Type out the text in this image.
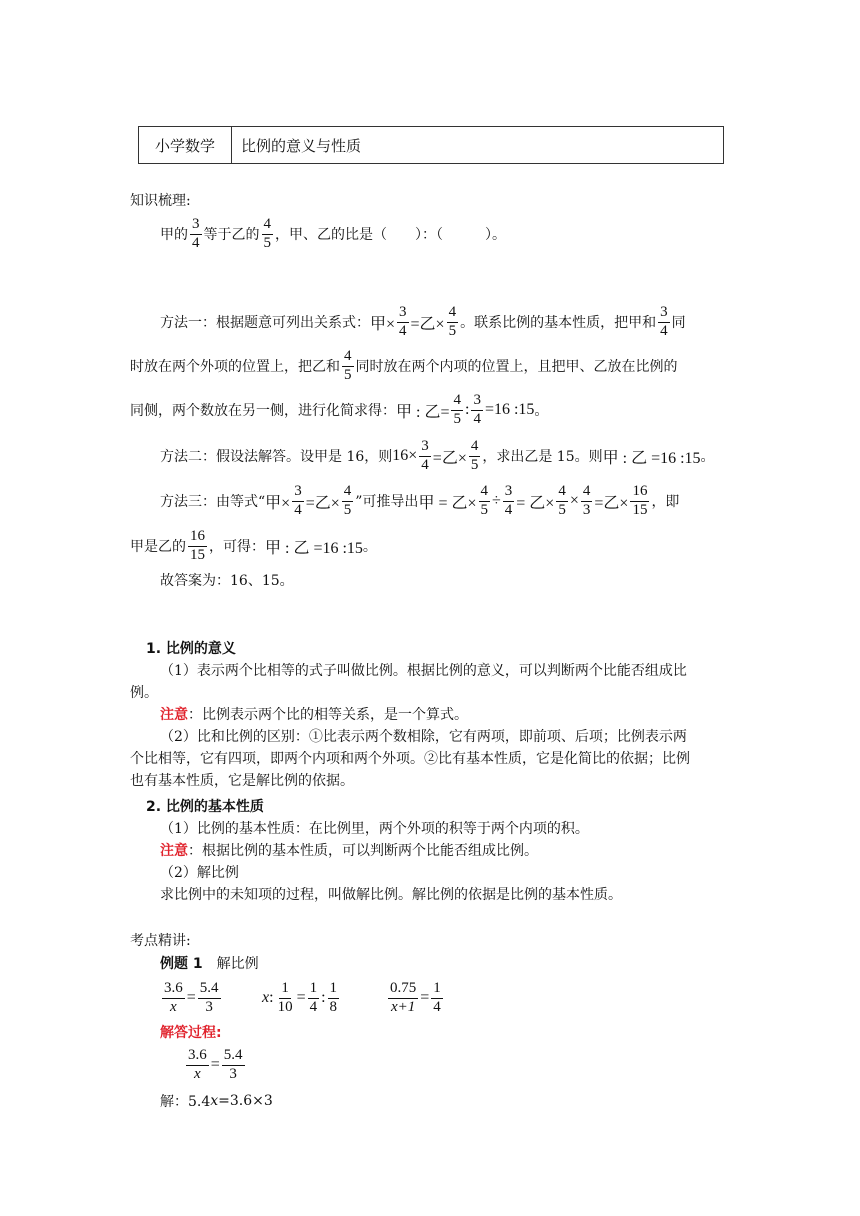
小学数学	比例的意义与性质
知识梳理:
甲的 $\frac{3}{4}$ 等于乙的 $\frac{4}{5}$ ，甲、乙的比是（　　）：（　　　）。
方法一：根据题意可列出关系式： 甲× $\frac{3}{4}$ =乙× $\frac{4}{5}$ 。联系比例的基本性质，把甲和 $\frac{3}{4}$ 同
时放在两个外项的位置上，把乙和 $\frac{4}{5}$ 同时放在两个内项的位置上，且把甲、乙放在比例的
同侧，两个数放在另一侧，进行化简求得： 甲 : 乙= $\frac{4}{5}$ : $\frac{3}{4} =16$ :15 。
方法二：假设法解答。设甲是 16，则 $16\times \frac{3}{4}$ =乙× $\frac{4}{5}$ ，求出乙是 15。则 甲 : 乙 =16 :15 。
方法三：由等式“ 甲× $\frac{3}{4}$ =乙× $\frac{4}{5}$ ”可推导出 甲 = 乙× $\frac{4}{5} \div \frac{3}{4}$ = 乙× $\frac{4}{5} \times \frac{4}{3}$ =乙× $\frac{16}{15}$ ，即
甲是乙的 $\frac{16}{15}$ ，可得： 甲 : 乙 =16 :15 。
故答案为：16、15。
1. 比例的意义
（1）表示两个比相等的式子叫做比例。根据比例的意义，可以判断两个比能否组成比
例。
注意：比例表示两个比的相等关系，是一个算式。
（2）比和比例的区别：①比表示两个数相除，它有两项，即前项、后项；比例表示两
个比相等，它有四项，即两个内项和两个外项。②比有基本性质，它是化简比的依据；比例
也有基本性质，它是解比例的依据。
2. 比例的基本性质
（1）比例的基本性质：在比例里，两个外项的积等于两个内项的积。
注意：根据比例的基本性质，可以判断两个比能否组成比例。
（2）解比例
求比例中的未知项的过程，叫做解比例。解比例的依据是比例的基本性质。
考点精讲:
例题 1 解比例
$\frac{3.6}{x} = \frac{5.4}{3}$	x : $\frac{1}{10} = \frac{1}{4}$ : $\frac{1}{8}$	$\frac{0.75}{x+1} = \frac{1}{4}$
解答过程:
$\frac{3.6}{x} = \frac{5.4}{3}$
解：5.4 x =3.6×3
